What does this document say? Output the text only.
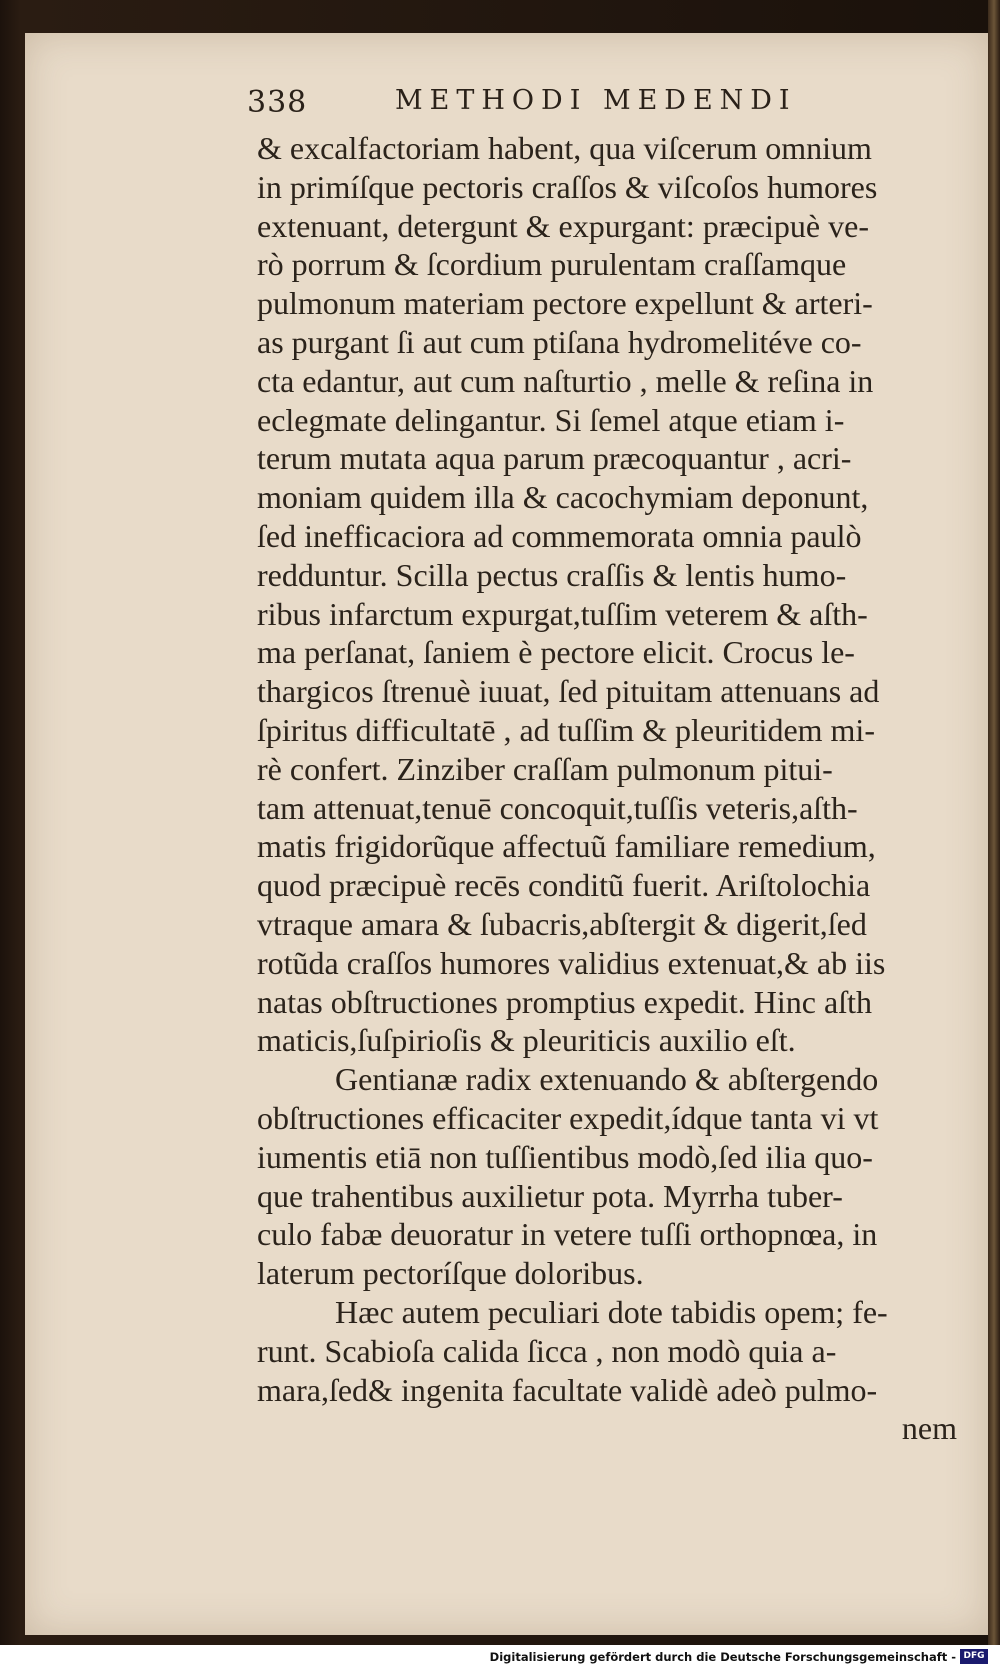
338	METHODI MEDENDI
& excalfactoriam habent, qua viſcerum omnium
in primíſque pectoris craſſos & viſcoſos humores
extenuant, detergunt & expurgant: præcipuè ve-
rò porrum & ſcordium purulentam craſſamque
pulmonum materiam pectore expellunt & arteri-
as purgant ſi aut cum ptiſana hydromelitéve co-
cta edantur, aut cum naſturtio , melle & reſina in
eclegmate delingantur. Si ſemel atque etiam i-
terum mutata aqua parum præcoquantur , acri-
moniam quidem illa & cacochymiam deponunt,
ſed inefficaciora ad commemorata omnia paulò
redduntur. Scilla pectus craſſis & lentis humo-
ribus infarctum expurgat,tuſſim veterem & aſth-
ma perſanat, ſaniem è pectore elicit. Crocus le-
thargicos ſtrenuè iuuat, ſed pituitam attenuans ad
ſpiritus difficultatē , ad tuſſim & pleuritidem mi-
rè confert. Zinziber craſſam pulmonum pitui-
tam attenuat,tenuē concoquit,tuſſis veteris,aſth-
matis frigidorũque affectuũ familiare remedium,
quod præcipuè recēs conditũ fuerit. Ariſtolochia
vtraque amara & ſubacris,abſtergit & digerit,ſed
rotũda craſſos humores validius extenuat,& ab iis
natas obſtructiones promptius expedit. Hinc aſth
maticis,ſuſpirioſis & pleuriticis auxilio eſt.
Gentianæ radix extenuando & abſtergendo
obſtructiones efficaciter expedit,ídque tanta vi vt
iumentis etiā non tuſſientibus modò,ſed ilia quo-
que trahentibus auxilietur pota. Myrrha tuber-
culo fabæ deuoratur in vetere tuſſi orthopnœa, in
laterum pectoríſque doloribus.
Hæc autem peculiari dote tabidis opem; fe-
runt. Scabioſa calida ſicca , non modò quia a-
mara,ſed& ingenita facultate validè adeò pulmo-
nem
Digitalisierung gefördert durch die Deutsche Forschungsgemeinschaft - DFG
